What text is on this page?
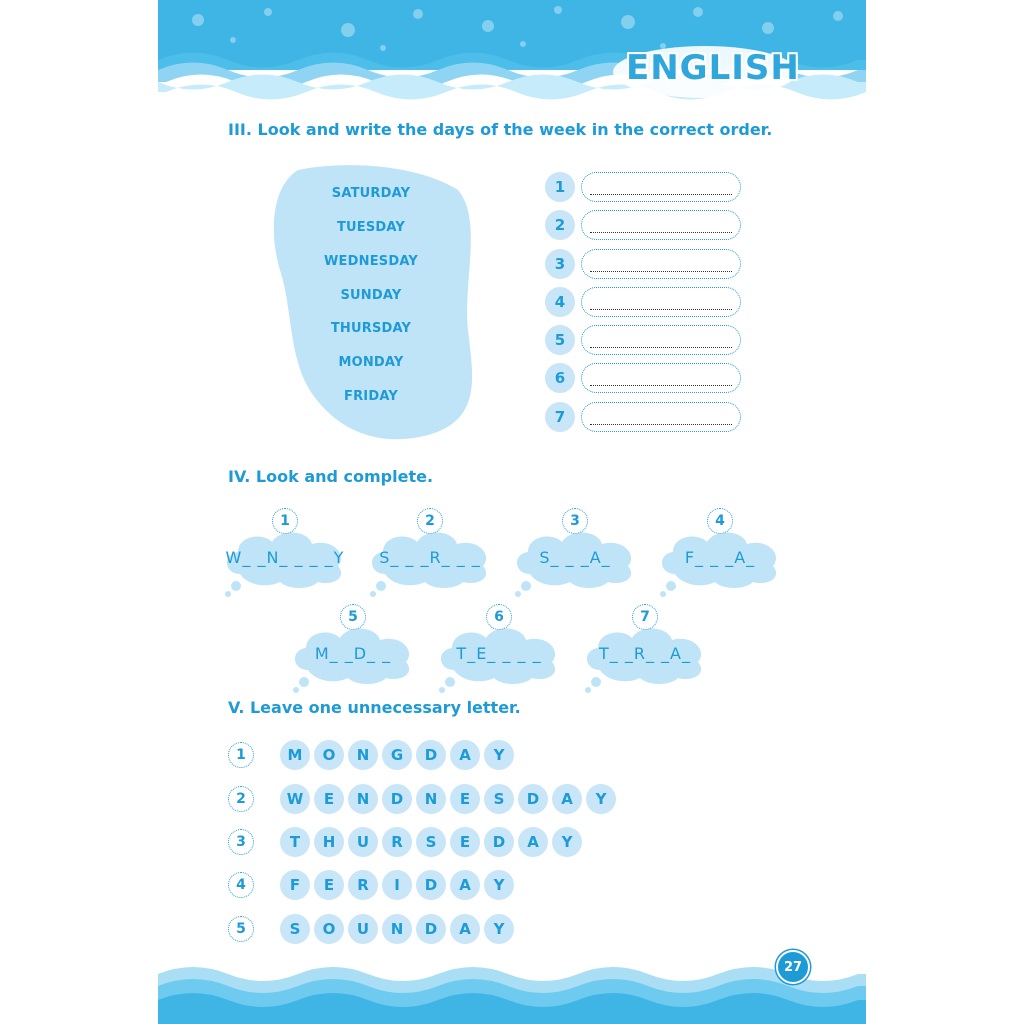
ENGLISH
III. Look and write the days of the week in the correct order.
SATURDAY
TUESDAY
WEDNESDAY
SUNDAY
THURSDAY
MONDAY
FRIDAY
1
2
3
4
5
6
7
IV. Look and complete.
1
W_ _N_ _ _ _Y
2
S_ _ _R_ _ _
3
S_ _ _A_
4
F_ _ _A_
5
M_ _D_ _
6
T_E_ _ _ _
7
T_ _R_ _A_
V. Leave one unnecessary letter.
1	M	O	N	G	D	A	Y
2	W	E	N	D	N	E	S	D	A	Y
3	T	H	U	R	S	E	D	A	Y
4	F	E	R	I	D	A	Y
5	S	O	U	N	D	A	Y
27
